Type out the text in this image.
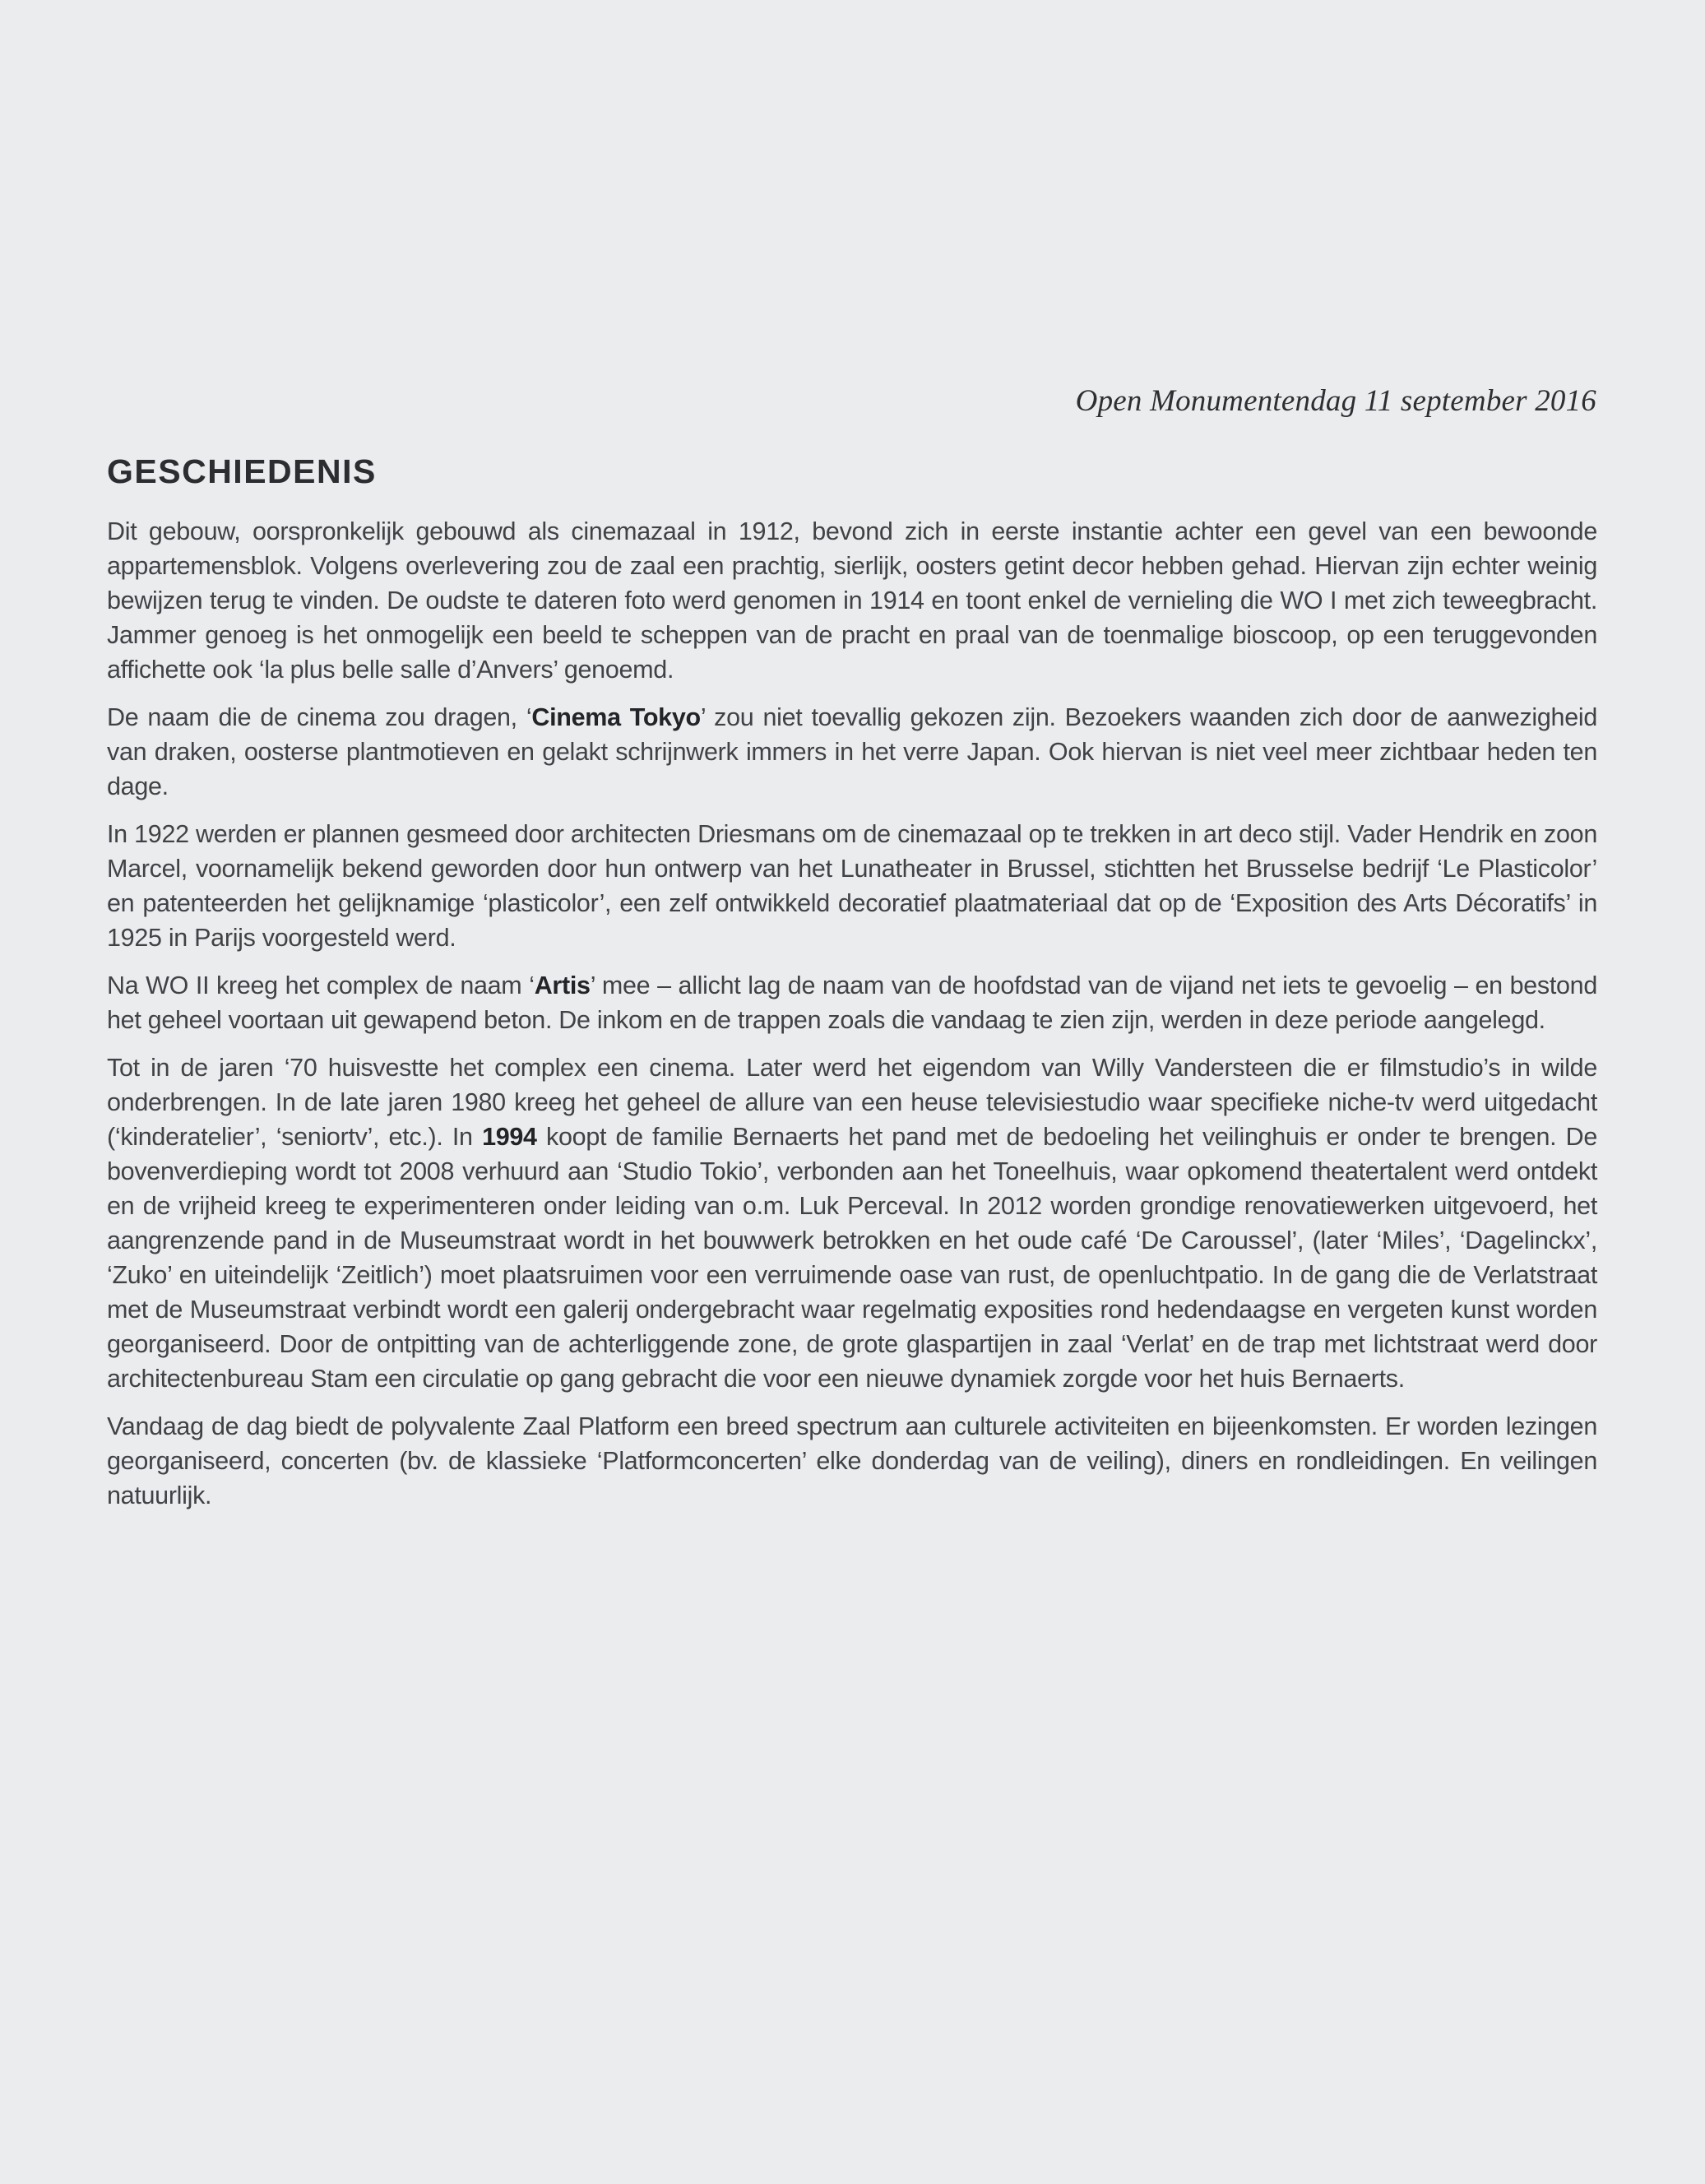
Open Monumentendag 11 september 2016

GESCHIEDENIS

Dit gebouw, oorspronkelijk gebouwd als cinemazaal in 1912, bevond zich in eerste instantie achter een gevel van een bewoonde appartemensblok. Volgens overlevering zou de zaal een prachtig, sierlijk, oosters getint decor hebben gehad. Hiervan zijn echter weinig bewijzen terug te vinden. De oudste te dateren foto werd genomen in 1914 en toont enkel de vernieling die WO I met zich teweegbracht. Jammer genoeg is het onmogelijk een beeld te scheppen van de pracht en praal van de toenmalige bioscoop, op een teruggevonden affichette ook ‘la plus belle salle d’Anvers’ genoemd.

De naam die de cinema zou dragen, ‘Cinema Tokyo’ zou niet toevallig gekozen zijn. Bezoekers waanden zich door de aanwezigheid van draken, oosterse plantmotieven en gelakt schrijnwerk immers in het verre Japan. Ook hiervan is niet veel meer zichtbaar heden ten dage.

In 1922 werden er plannen gesmeed door architecten Driesmans om de cinemazaal op te trekken in art deco stijl. Vader Hendrik en zoon Marcel, voornamelijk bekend geworden door hun ontwerp van het Lunatheater in Brussel, stichtten het Brusselse bedrijf ‘Le Plasticolor’ en patenteerden het gelijknamige ‘plasticolor’, een zelf ontwikkeld decoratief plaatmateriaal dat op de ‘Exposition des Arts Décoratifs’ in 1925 in Parijs voorgesteld werd.

Na WO II kreeg het complex de naam ‘Artis’ mee – allicht lag de naam van de hoofdstad van de vijand net iets te gevoelig – en bestond het geheel voortaan uit gewapend beton. De inkom en de trappen zoals die vandaag te zien zijn, werden in deze periode aangelegd.

Tot in de jaren ‘70 huisvestte het complex een cinema. Later werd het eigendom van Willy Vandersteen die er filmstudio’s in wilde onderbrengen. In de late jaren 1980 kreeg het geheel de allure van een heuse televisiestudio waar specifieke niche-tv werd uitgedacht (‘kinderatelier’, ‘seniortv’, etc.). In 1994 koopt de familie Bernaerts het pand met de bedoeling het veilinghuis er onder te brengen. De bovenverdieping wordt tot 2008 verhuurd aan ‘Studio Tokio’, verbonden aan het Toneelhuis, waar opkomend theatertalent werd ontdekt en de vrijheid kreeg te experimenteren onder leiding van o.m. Luk Perceval. In 2012 worden grondige renovatiewerken uitgevoerd, het aangrenzende pand in de Museumstraat wordt in het bouwwerk betrokken en het oude café ‘De Caroussel’, (later ‘Miles’, ‘Dagelinckx’, ‘Zuko’ en uiteindelijk ‘Zeitlich’) moet plaatsruimen voor een verruimende oase van rust, de openluchtpatio. In de gang die de Verlatstraat met de Museumstraat verbindt wordt een galerij ondergebracht waar regelmatig exposities rond hedendaagse en vergeten kunst worden georganiseerd. Door de ontpitting van de achterliggende zone, de grote glaspartijen in zaal ‘Verlat’ en de trap met lichtstraat werd door architectenbureau Stam een circulatie op gang gebracht die voor een nieuwe dynamiek zorgde voor het huis Bernaerts.

Vandaag de dag biedt de polyvalente Zaal Platform een breed spectrum aan culturele activiteiten en bijeenkomsten. Er worden lezingen georganiseerd, concerten (bv. de klassieke ‘Platformconcerten’ elke donderdag van de veiling), diners en rondleidingen. En veilingen natuurlijk.
